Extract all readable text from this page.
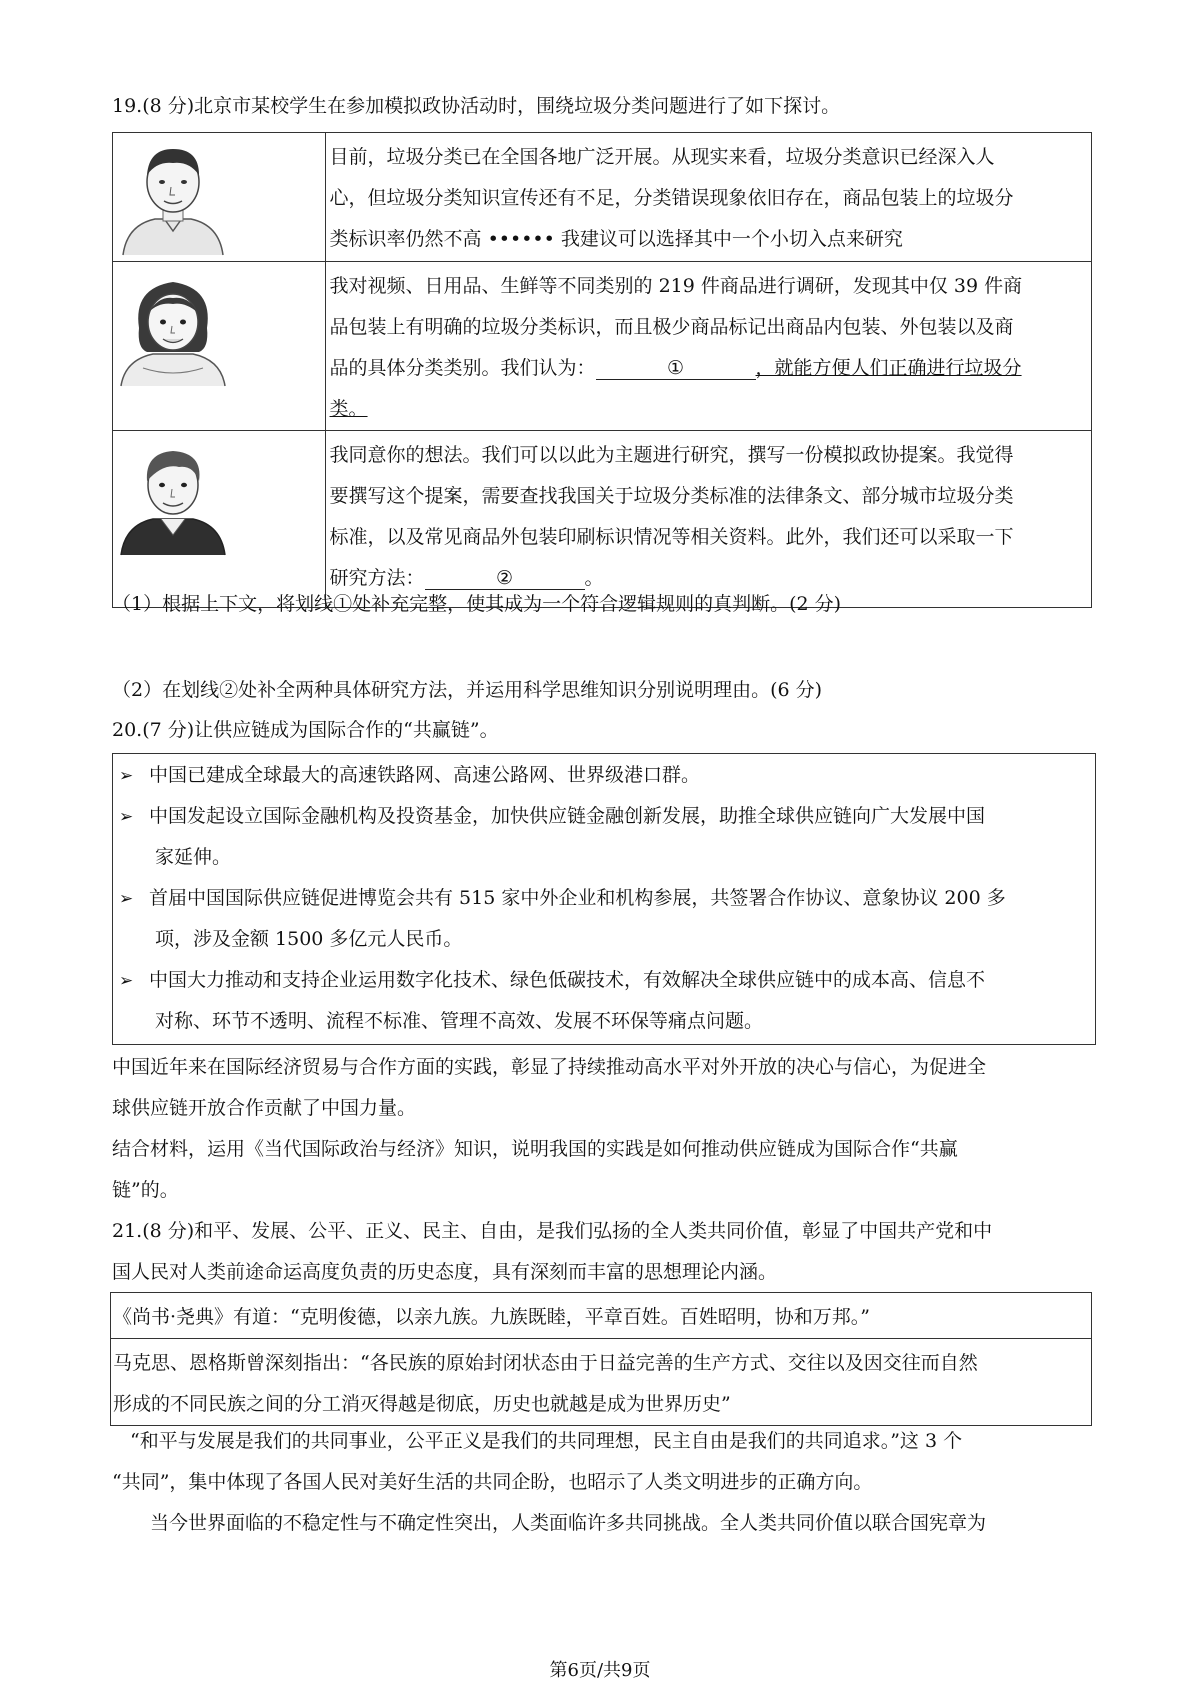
19.(8 分)北京市某校学生在参加模拟政协活动时，围绕垃圾分类问题进行了如下探讨。

目前，垃圾分类已在全国各地广泛开展。从现实来看，垃圾分类意识已经深入人
心，但垃圾分类知识宣传还有不足，分类错误现象依旧存在，商品包装上的垃圾分
类标识率仍然不高 •••••• 我建议可以选择其中一个小切入点来研究

我对视频、日用品、生鲜等不同类别的 219 件商品进行调研，发现其中仅 39 件商
品包装上有明确的垃圾分类标识，而且极少商品标记出商品内包装、外包装以及商
品的具体分类类别。我们认为： ① ，就能方便人们正确进行垃圾分
类。

我同意你的想法。我们可以以此为主题进行研究，撰写一份模拟政协提案。我觉得
要撰写这个提案，需要查找我国关于垃圾分类标准的法律条文、部分城市垃圾分类
标准，以及常见商品外包装印刷标识情况等相关资料。此外，我们还可以采取一下
研究方法： ② 。
（1）根据上下文，将划线①处补充完整，使其成为一个符合逻辑规则的真判断。(2 分)
（2）在划线②处补全两种具体研究方法，并运用科学思维知识分别说明理由。(6 分)
20.(7 分)让供应链成为国际合作的“共赢链”。
➢ 中国已建成全球最大的高速铁路网、高速公路网、世界级港口群。
➢ 中国发起设立国际金融机构及投资基金，加快供应链金融创新发展，助推全球供应链向广大发展中国
家延伸。
➢ 首届中国国际供应链促进博览会共有 515 家中外企业和机构参展，共签署合作协议、意象协议 200 多
项，涉及金额 1500 多亿元人民币。
➢ 中国大力推动和支持企业运用数字化技术、绿色低碳技术，有效解决全球供应链中的成本高、信息不
对称、环节不透明、流程不标准、管理不高效、发展不环保等痛点问题。
中国近年来在国际经济贸易与合作方面的实践，彰显了持续推动高水平对外开放的决心与信心，为促进全
球供应链开放合作贡献了中国力量。
结合材料，运用《当代国际政治与经济》知识，说明我国的实践是如何推动供应链成为国际合作“共赢
链”的。
21.(8 分)和平、发展、公平、正义、民主、自由，是我们弘扬的全人类共同价值，彰显了中国共产党和中
国人民对人类前途命运高度负责的历史态度，具有深刻而丰富的思想理论内涵。
《尚书·尧典》有道：“克明俊德，以亲九族。九族既睦，平章百姓。百姓昭明，协和万邦。”

马克思、恩格斯曾深刻指出：“各民族的原始封闭状态由于日益完善的生产方式、交往以及因交往而自然
形成的不同民族之间的分工消灭得越是彻底，历史也就越是成为世界历史”
“和平与发展是我们的共同事业，公平正义是我们的共同理想，民主自由是我们的共同追求。”这 3 个
“共同”，集中体现了各国人民对美好生活的共同企盼，也昭示了人类文明进步的正确方向。
当今世界面临的不稳定性与不确定性突出，人类面临许多共同挑战。全人类共同价值以联合国宪章为
第6页/共9页
